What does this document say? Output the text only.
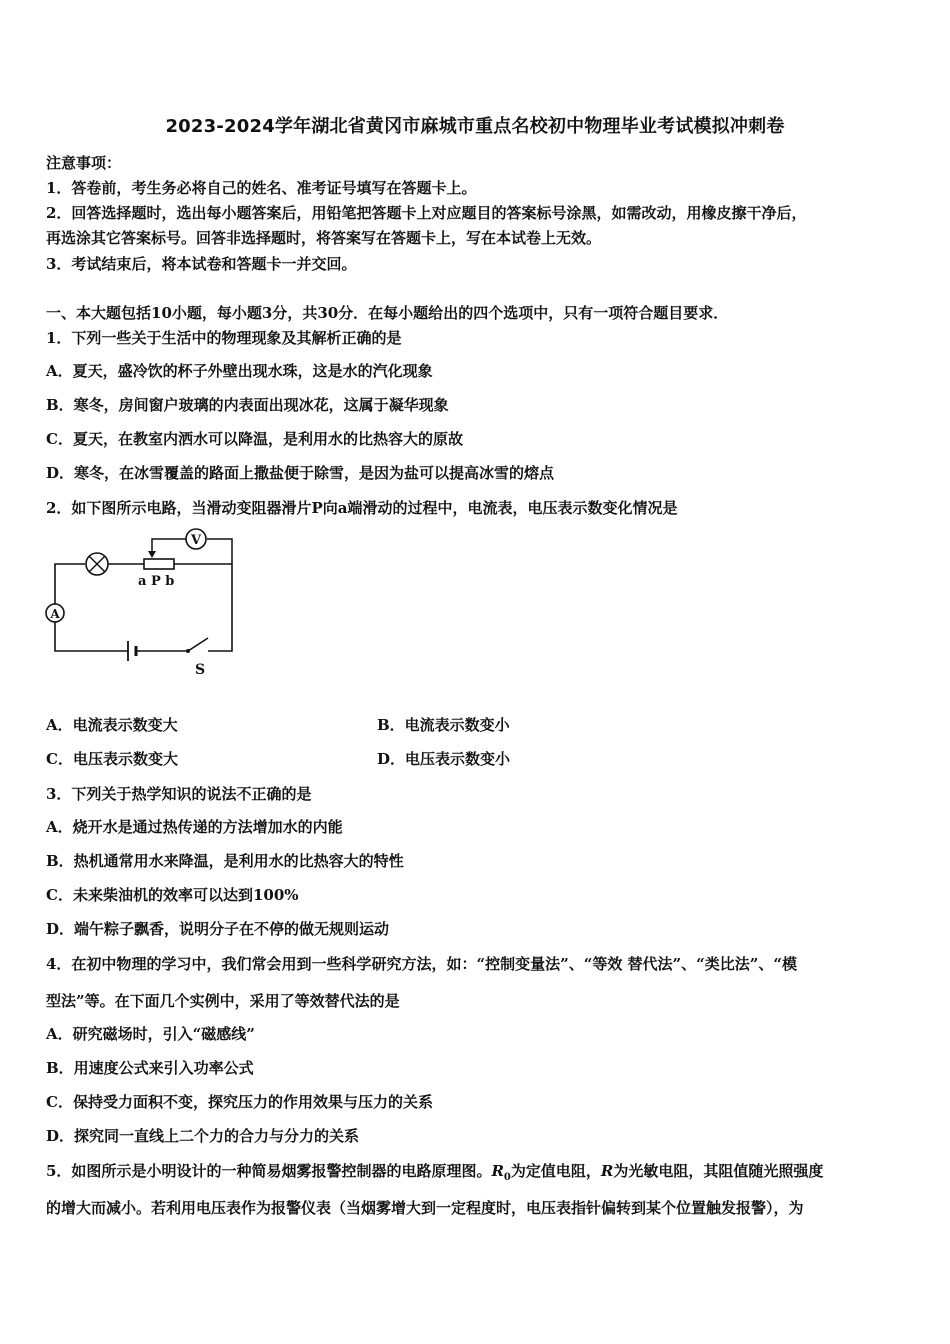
2023-2024学年湖北省黄冈市麻城市重点名校初中物理毕业考试模拟冲刺卷
注意事项：
1．答卷前，考生务必将自己的姓名、准考证号填写在答题卡上。
2．回答选择题时，选出每小题答案后，用铅笔把答题卡上对应题目的答案标号涂黑，如需改动，用橡皮擦干净后，
再选涂其它答案标号。回答非选择题时，将答案写在答题卡上，写在本试卷上无效。
3．考试结束后，将本试卷和答题卡一并交回。
一、本大题包括10小题，每小题3分，共30分．在每小题给出的四个选项中，只有一项符合题目要求．
1．下列一些关于生活中的物理现象及其解析正确的是
A．夏天，盛冷饮的杯子外壁出现水珠，这是水的汽化现象
B．寒冬，房间窗户玻璃的内表面出现冰花，这属于凝华现象
C．夏天，在教室内洒水可以降温，是利用水的比热容大的原故
D．寒冬，在冰雪覆盖的路面上撒盐便于除雪，是因为盐可以提高冰雪的熔点
2．如下图所示电路，当滑动变阻器滑片P向a端滑动的过程中，电流表，电压表示数变化情况是
V
a P b
A
S
A．电流表示数变大	B．电流表示数变小
C．电压表示数变大	D．电压表示数变小
3．下列关于热学知识的说法不正确的是
A．烧开水是通过热传递的方法增加水的内能
B．热机通常用水来降温，是利用水的比热容大的特性
C．未来柴油机的效率可以达到100%
D．端午粽子飘香，说明分子在不停的做无规则运动
4．在初中物理的学习中，我们常会用到一些科学研究方法，如：“控制变量法”、“等效 替代法”、“类比法”、“模
型法”等。在下面几个实例中，采用了等效替代法的是
A．研究磁场时，引入“磁感线”
B．用速度公式来引入功率公式
C．保持受力面积不变，探究压力的作用效果与压力的关系
D．探究同一直线上二个力的合力与分力的关系
5．如图所示是小明设计的一种简易烟雾报警控制器的电路原理图。$R_0$为定值电阻，R为光敏电阻，其阻值随光照强度
的增大而减小。若利用电压表作为报警仪表（当烟雾增大到一定程度时，电压表指针偏转到某个位置触发报警），为
